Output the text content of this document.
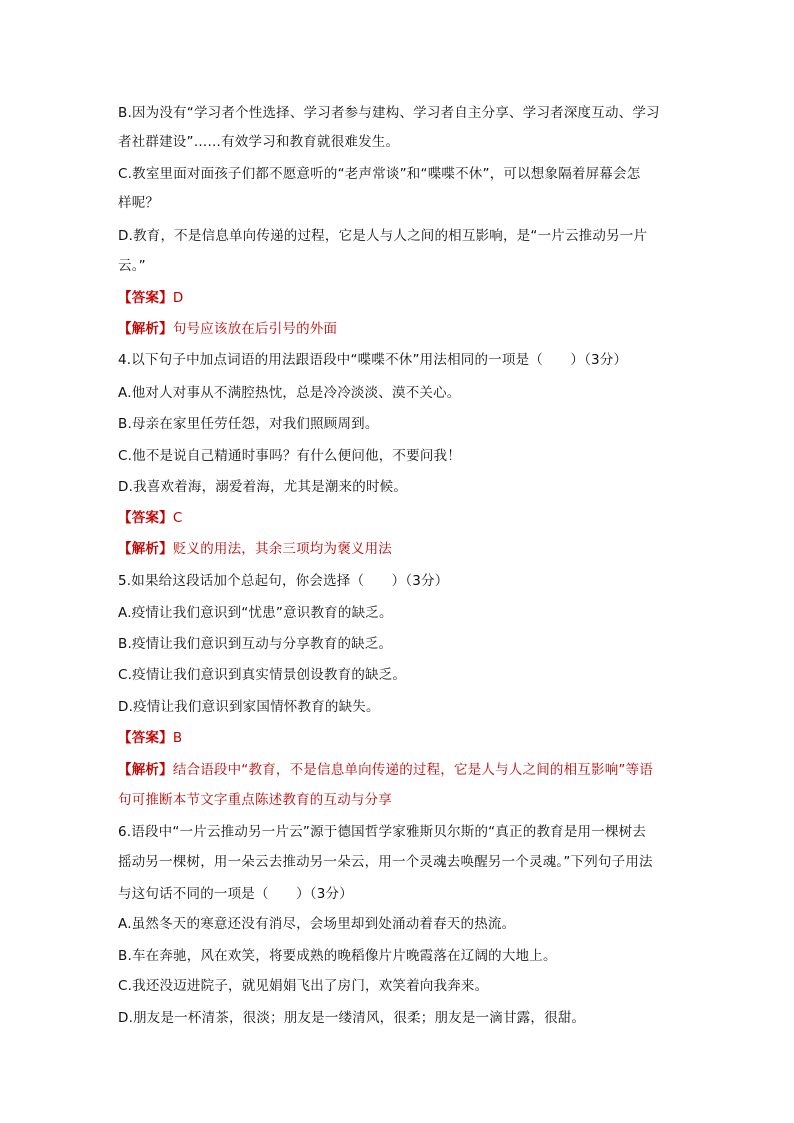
B.因为没有“学习者个性选择、学习者参与建构、学习者自主分享、学习者深度互动、学习
者社群建设”……有效学习和教育就很难发生。
C.教室里面对面孩子们都不愿意听的“老声常谈”和“喋喋不休”，可以想象隔着屏幕会怎
样呢？
D.教育，不是信息单向传递的过程，它是人与人之间的相互影响，是“一片云推动另一片
云。”
【答案】D
【解析】句号应该放在后引号的外面
4.以下句子中加点词语的用法跟语段中“喋喋不休”用法相同的一项是（　　）（3分）
A.他对人对事从不满腔热忱，总是冷冷淡淡、漠不关心。
B.母亲在家里任劳任怨，对我们照顾周到。
C.他不是说自己精通时事吗？有什么便问他，不要问我！
D.我喜欢着海，溺爱着海，尤其是潮来的时候。
【答案】C
【解析】贬义的用法，其余三项均为褒义用法
5.如果给这段话加个总起句，你会选择（　　）（3分）
A.疫情让我们意识到“忧患”意识教育的缺乏。
B.疫情让我们意识到互动与分享教育的缺乏。
C.疫情让我们意识到真实情景创设教育的缺乏。
D.疫情让我们意识到家国情怀教育的缺失。
【答案】B
【解析】结合语段中“教育，不是信息单向传递的过程，它是人与人之间的相互影响”等语
句可推断本节文字重点陈述教育的互动与分享
6.语段中“一片云推动另一片云”源于德国哲学家雅斯贝尔斯的“真正的教育是用一棵树去
摇动另一棵树，用一朵云去推动另一朵云，用一个灵魂去唤醒另一个灵魂。”下列句子用法
与这句话不同的一项是（　　）（3分）
A.虽然冬天的寒意还没有消尽，会场里却到处涌动着春天的热流。
B.车在奔驰，风在欢笑，将要成熟的晚稻像片片晚霞落在辽阔的大地上。
C.我还没迈进院子，就见娟娟飞出了房门，欢笑着向我奔来。
D.朋友是一杯清茶，很淡；朋友是一缕清风，很柔；朋友是一滴甘露，很甜。
